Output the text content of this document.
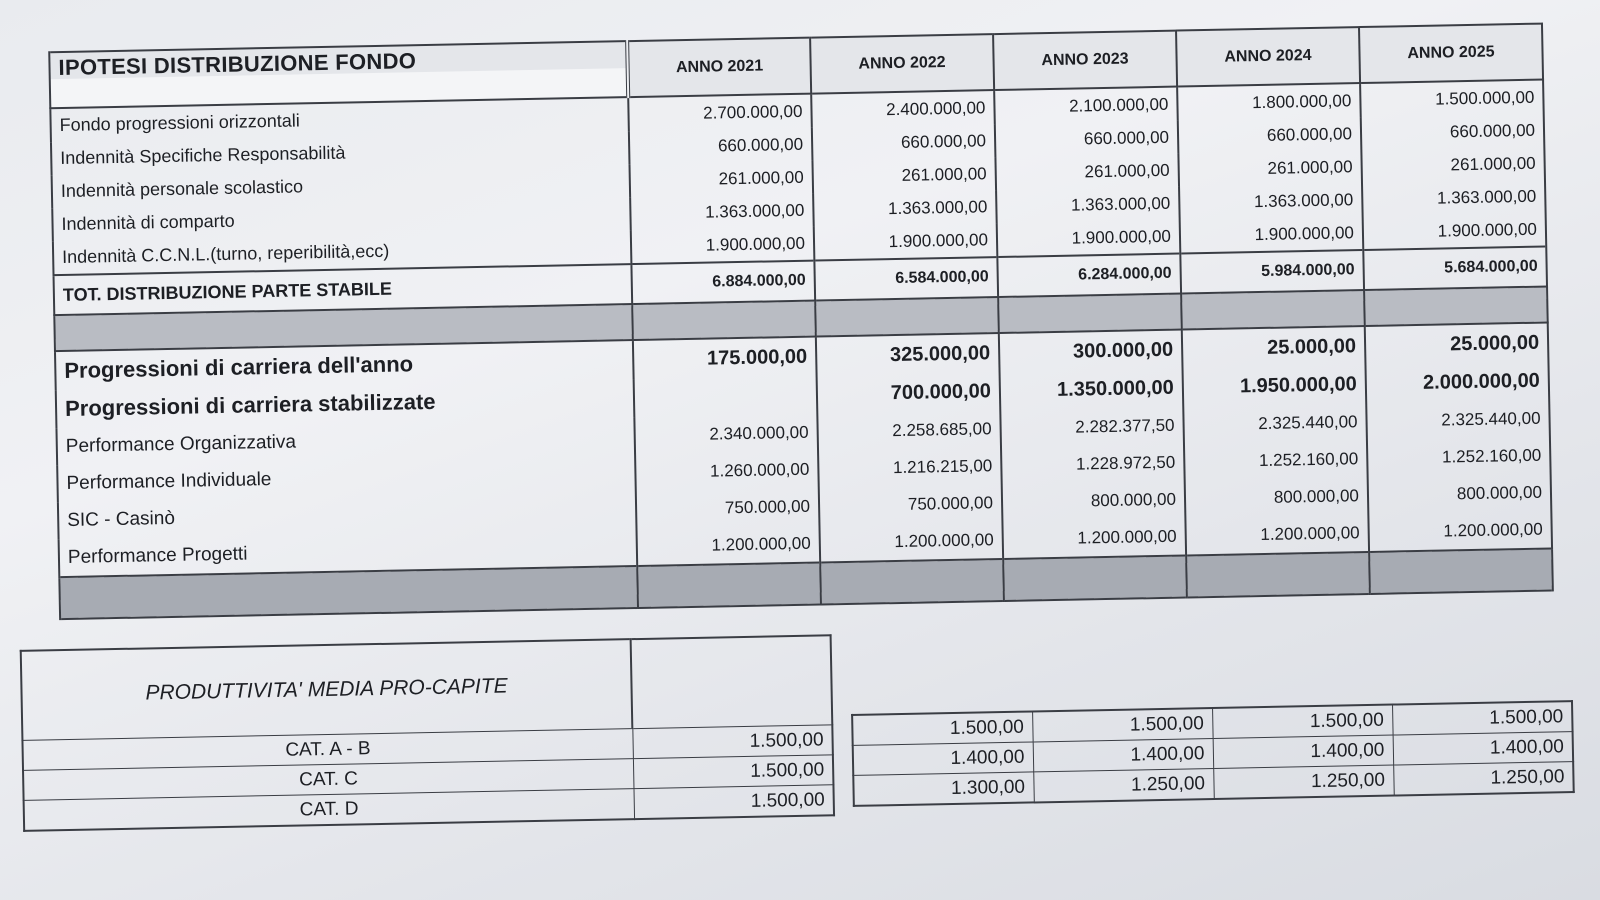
IPOTESI DISTRIBUZIONE FONDO	ANNO 2021	ANNO 2022	ANNO 2023	ANNO 2024	ANNO 2025
Fondo progressioni orizzontali	2.700.000,00	2.400.000,00	2.100.000,00	1.800.000,00	1.500.000,00
Indennità Specifiche Responsabilità	660.000,00	660.000,00	660.000,00	660.000,00	660.000,00
Indennità personale scolastico	261.000,00	261.000,00	261.000,00	261.000,00	261.000,00
Indennità di comparto	1.363.000,00	1.363.000,00	1.363.000,00	1.363.000,00	1.363.000,00
Indennità C.C.N.L.(turno, reperibilità,ecc)	1.900.000,00	1.900.000,00	1.900.000,00	1.900.000,00	1.900.000,00
TOT. DISTRIBUZIONE PARTE STABILE	6.884.000,00	6.584.000,00	6.284.000,00	5.984.000,00	5.684.000,00

Progressioni di carriera dell'anno	175.000,00	325.000,00	300.000,00	25.000,00	25.000,00
Progressioni di carriera stabilizzate		700.000,00	1.350.000,00	1.950.000,00	2.000.000,00
Performance Organizzativa	2.340.000,00	2.258.685,00	2.282.377,50	2.325.440,00	2.325.440,00
Performance Individuale	1.260.000,00	1.216.215,00	1.228.972,50	1.252.160,00	1.252.160,00
SIC - Casinò	750.000,00	750.000,00	800.000,00	800.000,00	800.000,00
Performance Progetti	1.200.000,00	1.200.000,00	1.200.000,00	1.200.000,00	1.200.000,00

PRODUTTIVITA' MEDIA PRO-CAPITE	
CAT. A - B	1.500,00
CAT. C	1.500,00
CAT. D	1.500,00
1.500,00	1.500,00	1.500,00	1.500,00
1.400,00	1.400,00	1.400,00	1.400,00
1.300,00	1.250,00	1.250,00	1.250,00
